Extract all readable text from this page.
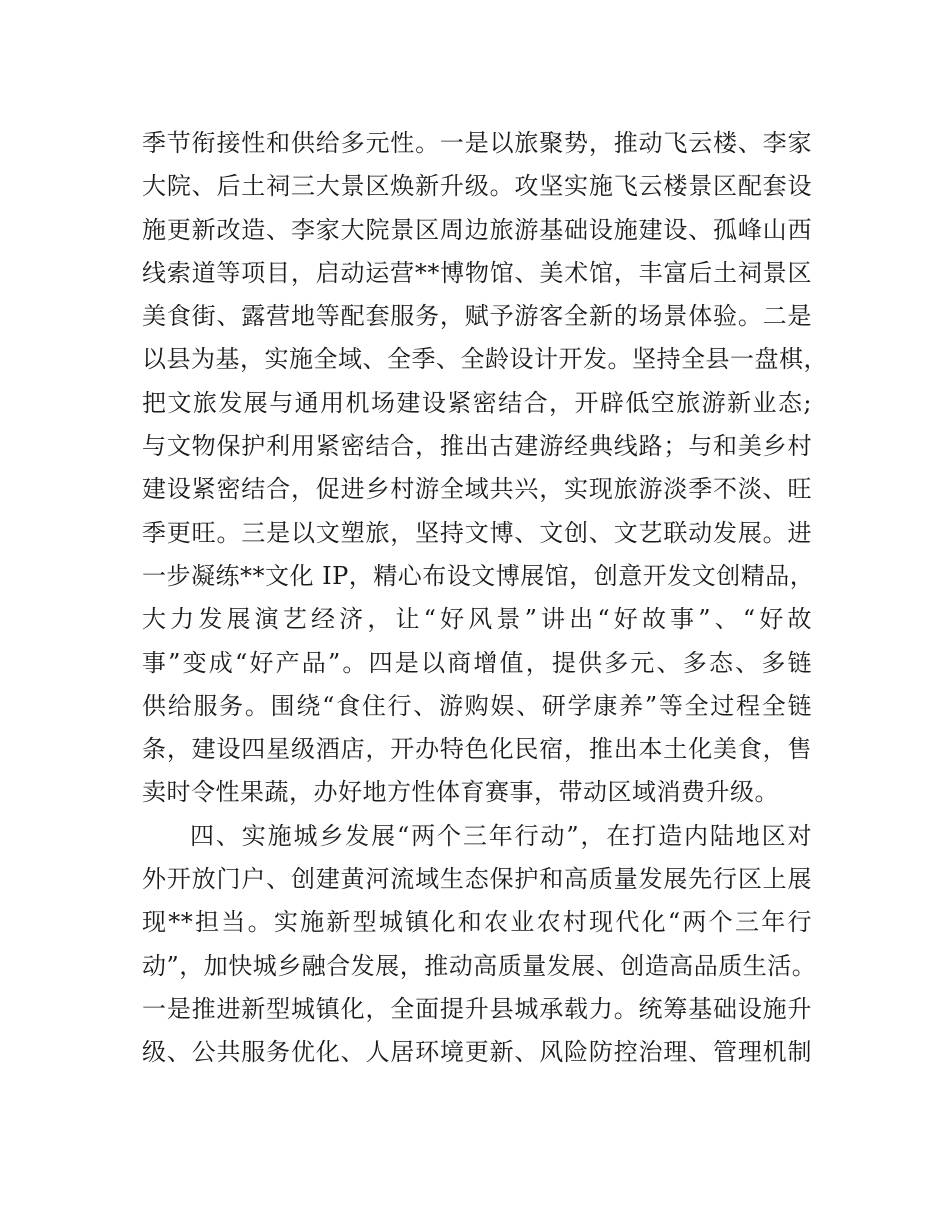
季节衔接性和供给多元性。一是以旅聚势，推动飞云楼、李家
大院、后土祠三大景区焕新升级。攻坚实施飞云楼景区配套设
施更新改造、李家大院景区周边旅游基础设施建设、孤峰山西
线索道等项目，启动运营**博物馆、美术馆，丰富后土祠景区
美食街、露营地等配套服务，赋予游客全新的场景体验。二是
以县为基，实施全域、全季、全龄设计开发。坚持全县一盘棋，
把文旅发展与通用机场建设紧密结合，开辟低空旅游新业态;
与文物保护利用紧密结合，推出古建游经典线路；与和美乡村
建设紧密结合，促进乡村游全域共兴，实现旅游淡季不淡、旺
季更旺。三是以文塑旅，坚持文博、文创、文艺联动发展。进
一步凝练**文化 IP，精心布设文博展馆，创意开发文创精品，
大力发展演艺经济，让“好风景”讲出“好故事”、“好故
事”变成“好产品”。四是以商增值，提供多元、多态、多链
供给服务。围绕“食住行、游购娱、研学康养”等全过程全链
条，建设四星级酒店，开办特色化民宿，推出本土化美食，售
卖时令性果蔬，办好地方性体育赛事，带动区域消费升级。
四、实施城乡发展“两个三年行动”，在打造内陆地区对
外开放门户、创建黄河流域生态保护和高质量发展先行区上展
现**担当。实施新型城镇化和农业农村现代化“两个三年行
动”，加快城乡融合发展，推动高质量发展、创造高品质生活。
一是推进新型城镇化，全面提升县城承载力。统筹基础设施升
级、公共服务优化、人居环境更新、风险防控治理、管理机制
